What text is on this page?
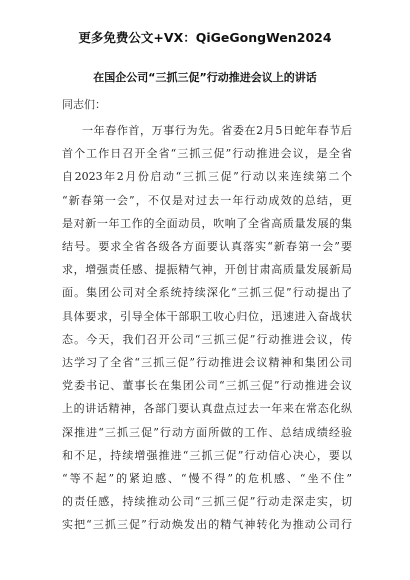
更多免费公文+VX：QiGeGongWen2024
在国企公司“三抓三促”行动推进会议上的讲话
同志们：
一年春作首，万事行为先。省委在2月5日蛇年春节后
首个工作日召开全省“三抓三促”行动推进会议，是全省
自2023年2月份启动“三抓三促”行动以来连续第二个
“新春第一会”，不仅是对过去一年行动成效的总结，更
是对新一年工作的全面动员，吹响了全省高质量发展的集
结号。要求全省各级各方面要认真落实“新春第一会”要
求，增强责任感、提振精气神，开创甘肃高质量发展新局
面。集团公司对全系统持续深化“三抓三促”行动提出了
具体要求，引导全体干部职工收心归位，迅速进入奋战状
态。今天，我们召开公司“三抓三促”行动推进会议，传
达学习了全省“三抓三促”行动推进会议精神和集团公司
党委书记、董事长在集团公司“三抓三促”行动推进会议
上的讲话精神，各部门要认真盘点过去一年来在常态化纵
深推进“三抓三促”行动方面所做的工作、总结成绩经验
和不足，持续增强推进“三抓三促”行动信心决心，要以
“等不起”的紧迫感、“慢不得”的危机感、“坐不住”
的责任感，持续推动公司“三抓三促”行动走深走实，切
实把“三抓三促”行动焕发出的精气神转化为推动公司行
